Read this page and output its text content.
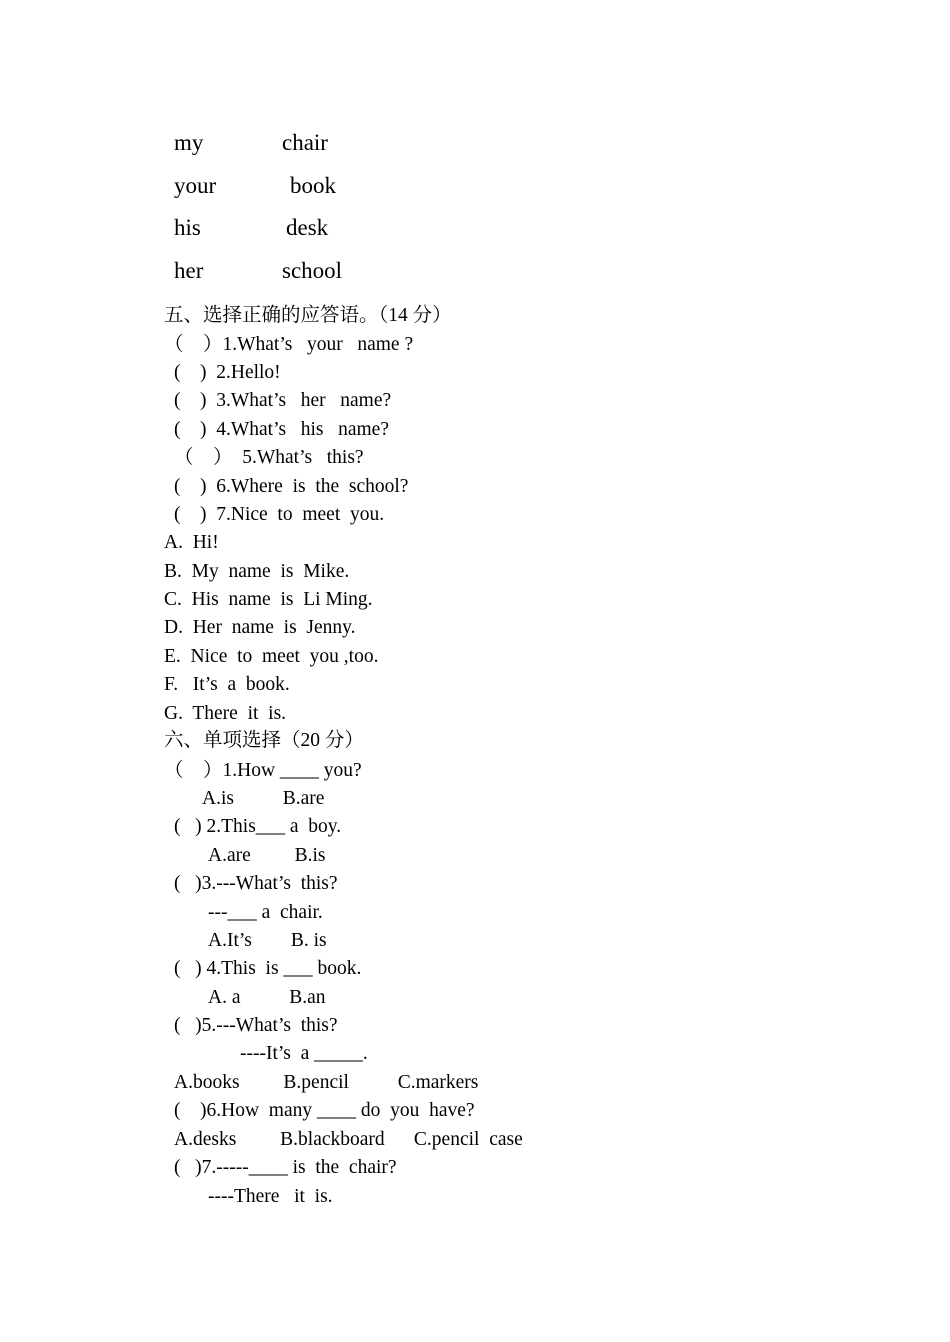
my	chair
your	book
his	desk
her	school
五、选择正确的应答语。（14 分）
（　）1.What’s   your   name ?
(    )  2.Hello!
(    )  3.What’s   her   name?
(    )  4.What’s   his   name?
（　）  5.What’s   this?
(    )  6.Where  is  the  school?
(    )  7.Nice  to  meet  you.
A.  Hi!
B.  My  name  is  Mike.
C.  His  name  is  Li Ming.
D.  Her  name  is  Jenny.
E.  Nice  to  meet  you ,too.
F.   It’s  a  book.
G.  There  it  is.
六、单项选择（20 分）
（　）1.How ____ you?
A.is          B.are
(   ) 2.This___ a  boy.
A.are         B.is
(   )3.---What’s  this?
---___ a  chair.
A.It’s        B. is
(   ) 4.This  is ___ book.
A. a          B.an
(   )5.---What’s  this?
----It’s  a _____.
A.books         B.pencil          C.markers
(    )6.How  many ____ do  you  have?
A.desks         B.blackboard      C.pencil  case
(   )7.-----____ is  the  chair?
----There   it  is.
